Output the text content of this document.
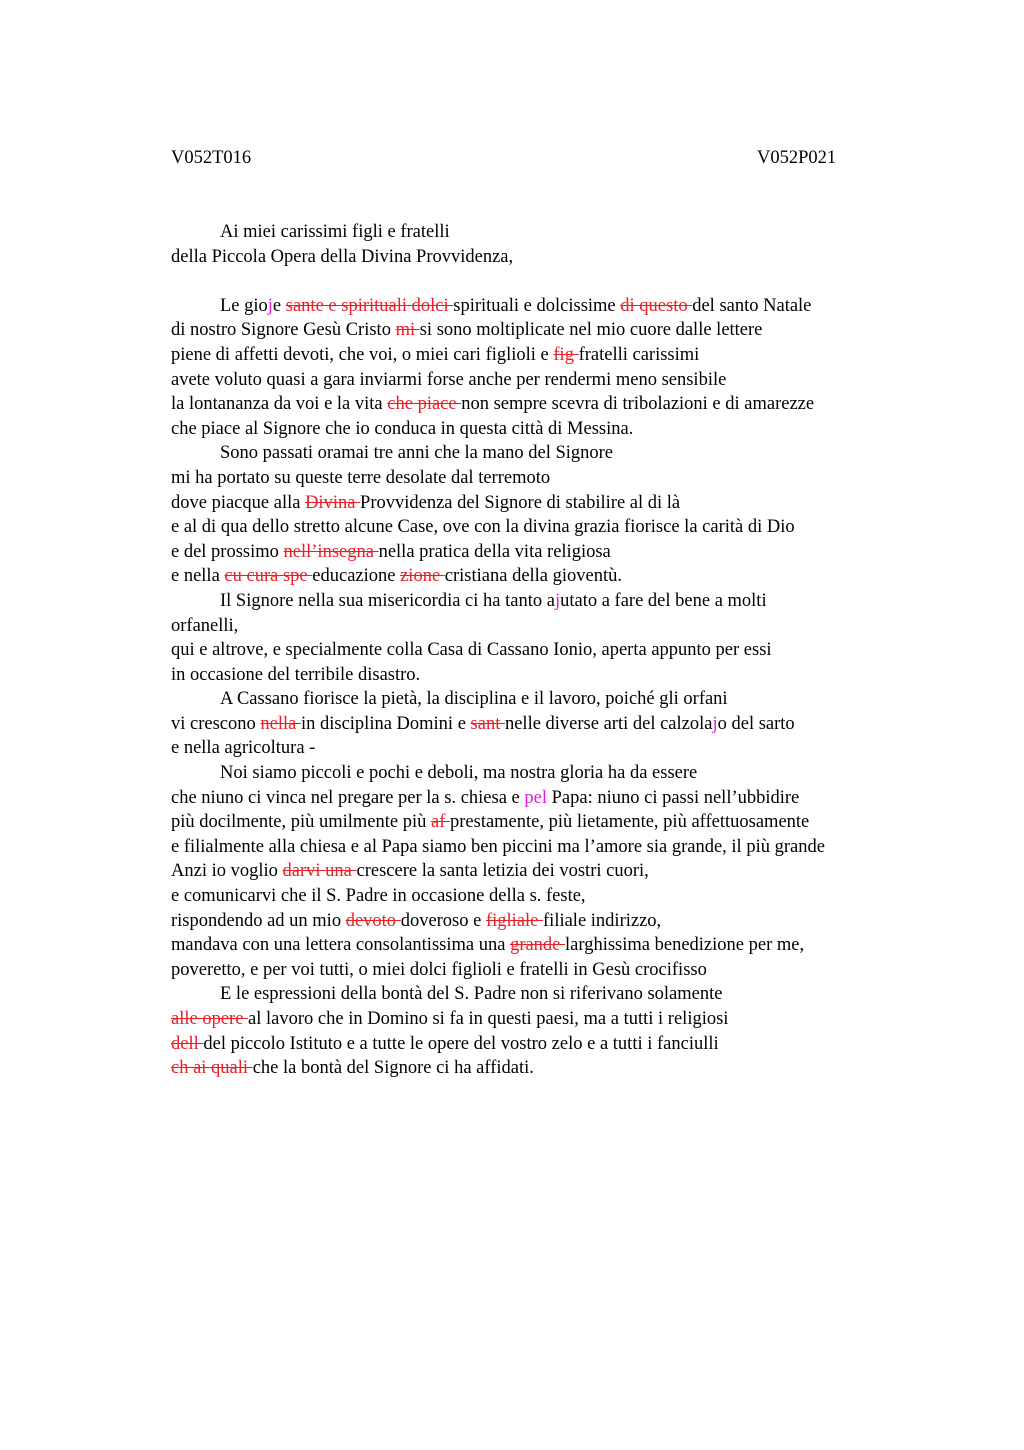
V052T016	V052P021
Ai miei carissimi figli e fratelli
della Piccola Opera della Divina Provvidenza,
Le gioje sante e spirituali dolci spirituali e dolcissime di questo del santo Natale
di nostro Signore Gesù Cristo mi si sono moltiplicate nel mio cuore dalle lettere
piene di affetti devoti, che voi, o miei cari figlioli e fig fratelli carissimi
avete voluto quasi a gara inviarmi forse anche per rendermi meno sensibile
la lontananza da voi e la vita che piace non sempre scevra di tribolazioni e di amarezze
che piace al Signore che io conduca in questa città di Messina.
Sono passati oramai tre anni che la mano del Signore
mi ha portato su queste terre desolate dal terremoto
dove piacque alla Divina Provvidenza del Signore di stabilire al di là
e al di qua dello stretto alcune Case, ove con la divina grazia fiorisce la carità di Dio
e del prossimo nell’insegna nella pratica della vita religiosa
e nella cu cura spe educazione zione cristiana della gioventù.
Il Signore nella sua misericordia ci ha tanto ajutato a fare del bene a molti
orfanelli,
qui e altrove, e specialmente colla Casa di Cassano Ionio, aperta appunto per essi
in occasione del terribile disastro.
A Cassano fiorisce la pietà, la disciplina e il lavoro, poiché gli orfani
vi crescono nella in disciplina Domini e sant nelle diverse arti del calzolajo del sarto
e nella agricoltura -
Noi siamo piccoli e pochi e deboli, ma nostra gloria ha da essere
che niuno ci vinca nel pregare per la s. chiesa e pel Papa: niuno ci passi nell’ubbidire
più docilmente, più umilmente più af prestamente, più lietamente, più affettuosamente
e filialmente alla chiesa e al Papa siamo ben piccini ma l’amore sia grande, il più grande
Anzi io voglio darvi una crescere la santa letizia dei vostri cuori,
e comunicarvi che il S. Padre in occasione della s. feste,
rispondendo ad un mio devoto doveroso e figliale filiale indirizzo,
mandava con una lettera consolantissima una grande larghissima benedizione per me,
poveretto, e per voi tutti, o miei dolci figlioli e fratelli in Gesù crocifisso
E le espressioni della bontà del S. Padre non si riferivano solamente
alle opere al lavoro che in Domino si fa in questi paesi, ma a tutti i religiosi
dell del piccolo Istituto e a tutte le opere del vostro zelo e a tutti i fanciulli
ch ai quali che la bontà del Signore ci ha affidati.
